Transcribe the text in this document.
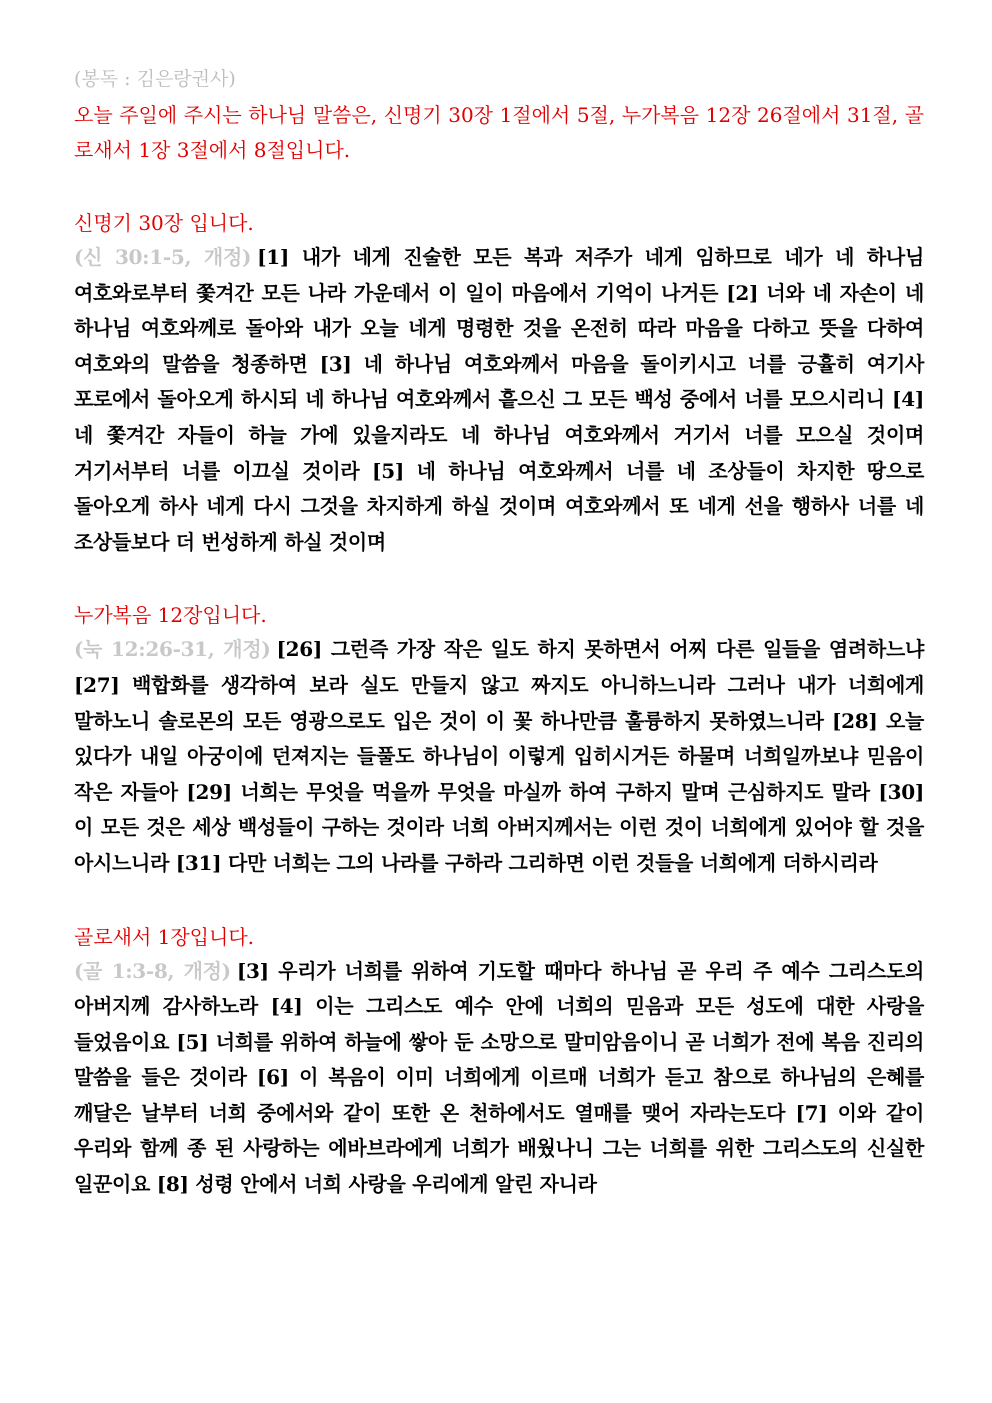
(봉독 : 김은랑권사)
오늘 주일에 주시는 하나님 말씀은, 신명기 30장 1절에서 5절, 누가복음 12장 26절에서 31절, 골로새서 1장 3절에서 8절입니다.
신명기 30장 입니다.
(신 30:1-5, 개정) [1] 내가 네게 진술한 모든 복과 저주가 네게 임하므로 네가 네 하나님 여호와로부터 쫓겨간 모든 나라 가운데서 이 일이 마음에서 기억이 나거든 [2] 너와 네 자손이 네 하나님 여호와께로 돌아와 내가 오늘 네게 명령한 것을 온전히 따라 마음을 다하고 뜻을 다하여 여호와의 말씀을 청종하면 [3] 네 하나님 여호와께서 마음을 돌이키시고 너를 긍휼히 여기사 포로에서 돌아오게 하시되 네 하나님 여호와께서 흩으신 그 모든 백성 중에서 너를 모으시리니 [4] 네 쫓겨간 자들이 하늘 가에 있을지라도 네 하나님 여호와께서 거기서 너를 모으실 것이며 거기서부터 너를 이끄실 것이라 [5] 네 하나님 여호와께서 너를 네 조상들이 차지한 땅으로 돌아오게 하사 네게 다시 그것을 차지하게 하실 것이며 여호와께서 또 네게 선을 행하사 너를 네 조상들보다 더 번성하게 하실 것이며
누가복음 12장입니다.
(눅 12:26-31, 개정) [26] 그런즉 가장 작은 일도 하지 못하면서 어찌 다른 일들을 염려하느냐 [27] 백합화를 생각하여 보라 실도 만들지 않고 짜지도 아니하느니라 그러나 내가 너희에게 말하노니 솔로몬의 모든 영광으로도 입은 것이 이 꽃 하나만큼 훌륭하지 못하였느니라 [28] 오늘 있다가 내일 아궁이에 던져지는 들풀도 하나님이 이렇게 입히시거든 하물며 너희일까보냐 믿음이 작은 자들아 [29] 너희는 무엇을 먹을까 무엇을 마실까 하여 구하지 말며 근심하지도 말라 [30] 이 모든 것은 세상 백성들이 구하는 것이라 너희 아버지께서는 이런 것이 너희에게 있어야 할 것을 아시느니라 [31] 다만 너희는 그의 나라를 구하라 그리하면 이런 것들을 너희에게 더하시리라
골로새서 1장입니다.
(골 1:3-8, 개정) [3] 우리가 너희를 위하여 기도할 때마다 하나님 곧 우리 주 예수 그리스도의 아버지께 감사하노라 [4] 이는 그리스도 예수 안에 너희의 믿음과 모든 성도에 대한 사랑을 들었음이요 [5] 너희를 위하여 하늘에 쌓아 둔 소망으로 말미암음이니 곧 너희가 전에 복음 진리의 말씀을 들은 것이라 [6] 이 복음이 이미 너희에게 이르매 너희가 듣고 참으로 하나님의 은혜를 깨달은 날부터 너희 중에서와 같이 또한 온 천하에서도 열매를 맺어 자라는도다 [7] 이와 같이 우리와 함께 종 된 사랑하는 에바브라에게 너희가 배웠나니 그는 너희를 위한 그리스도의 신실한 일꾼이요 [8] 성령 안에서 너희 사랑을 우리에게 알린 자니라
